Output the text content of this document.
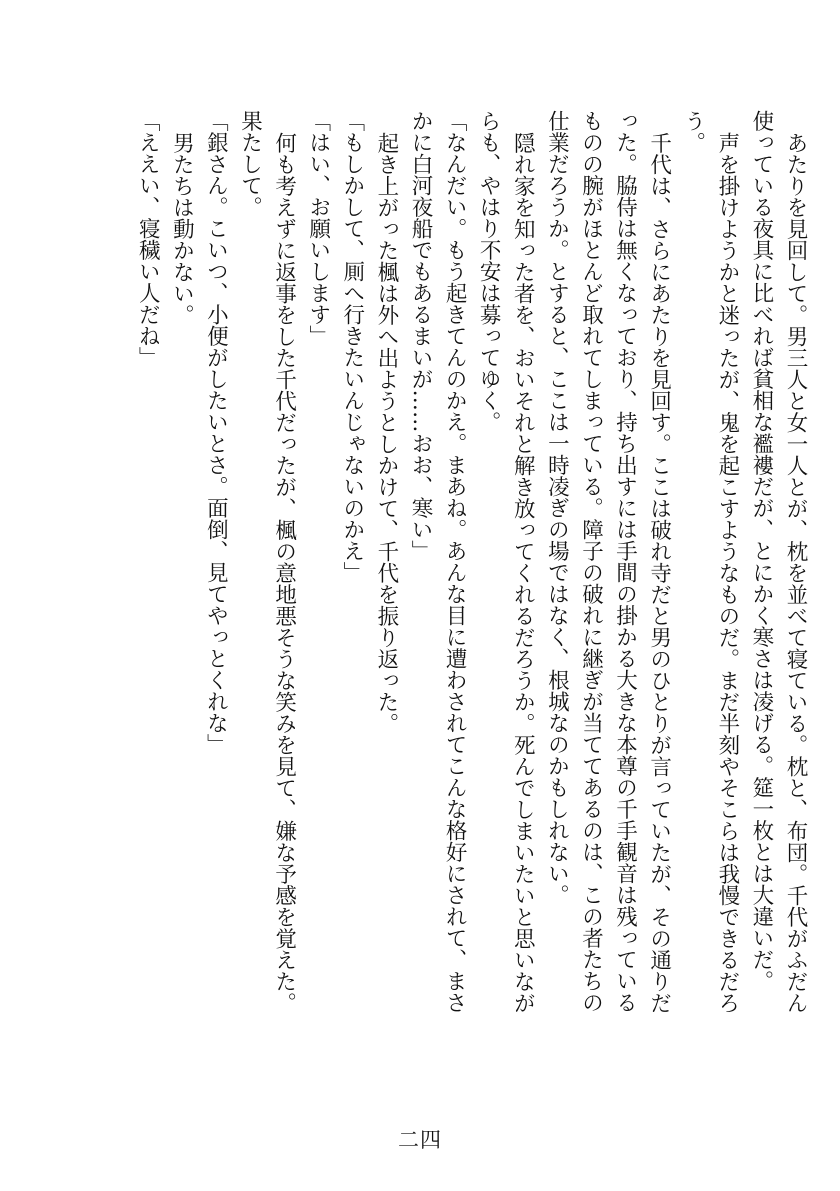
あたりを見回して。男三人と女一人とが、枕を並べて寝ている。枕と、布団。千代がふだん
使っている夜具に比べれば貧相な襤褸だが、とにかく寒さは凌げる。筵一枚とは大違いだ。
声を掛けようかと迷ったが、鬼を起こすようなものだ。まだ半刻やそこらは我慢できるだろ
う。
千代は、さらにあたりを見回す。ここは破れ寺だと男のひとりが言っていたが、その通りだ
った。脇侍は無くなっており、持ち出すには手間の掛かる大きな本尊の千手観音は残っている
ものの腕がほとんど取れてしまっている。障子の破れに継ぎが当ててあるのは、この者たちの
仕業だろうか。とすると、ここは一時凌ぎの場ではなく、根城なのかもしれない。
隠れ家を知った者を、おいそれと解き放ってくれるだろうか。死んでしまいたいと思いなが
らも、やはり不安は募ってゆく。
「なんだい。もう起きてんのかえ。まあね。あんな目に遭わされてこんな格好にされて、まさ
かに白河夜船でもあるまいが……おお、寒い」
起き上がった楓は外へ出ようとしかけて、千代を振り返った。
「もしかして、厠へ行きたいんじゃないのかえ」
「はい、お願いします」
何も考えずに返事をした千代だったが、楓の意地悪そうな笑みを見て、嫌な予感を覚えた。
果たして。
「銀さん。こいつ、小便がしたいとさ。面倒、見てやっとくれな」
男たちは動かない。
「ええい、寝穢い人だね」
二四
